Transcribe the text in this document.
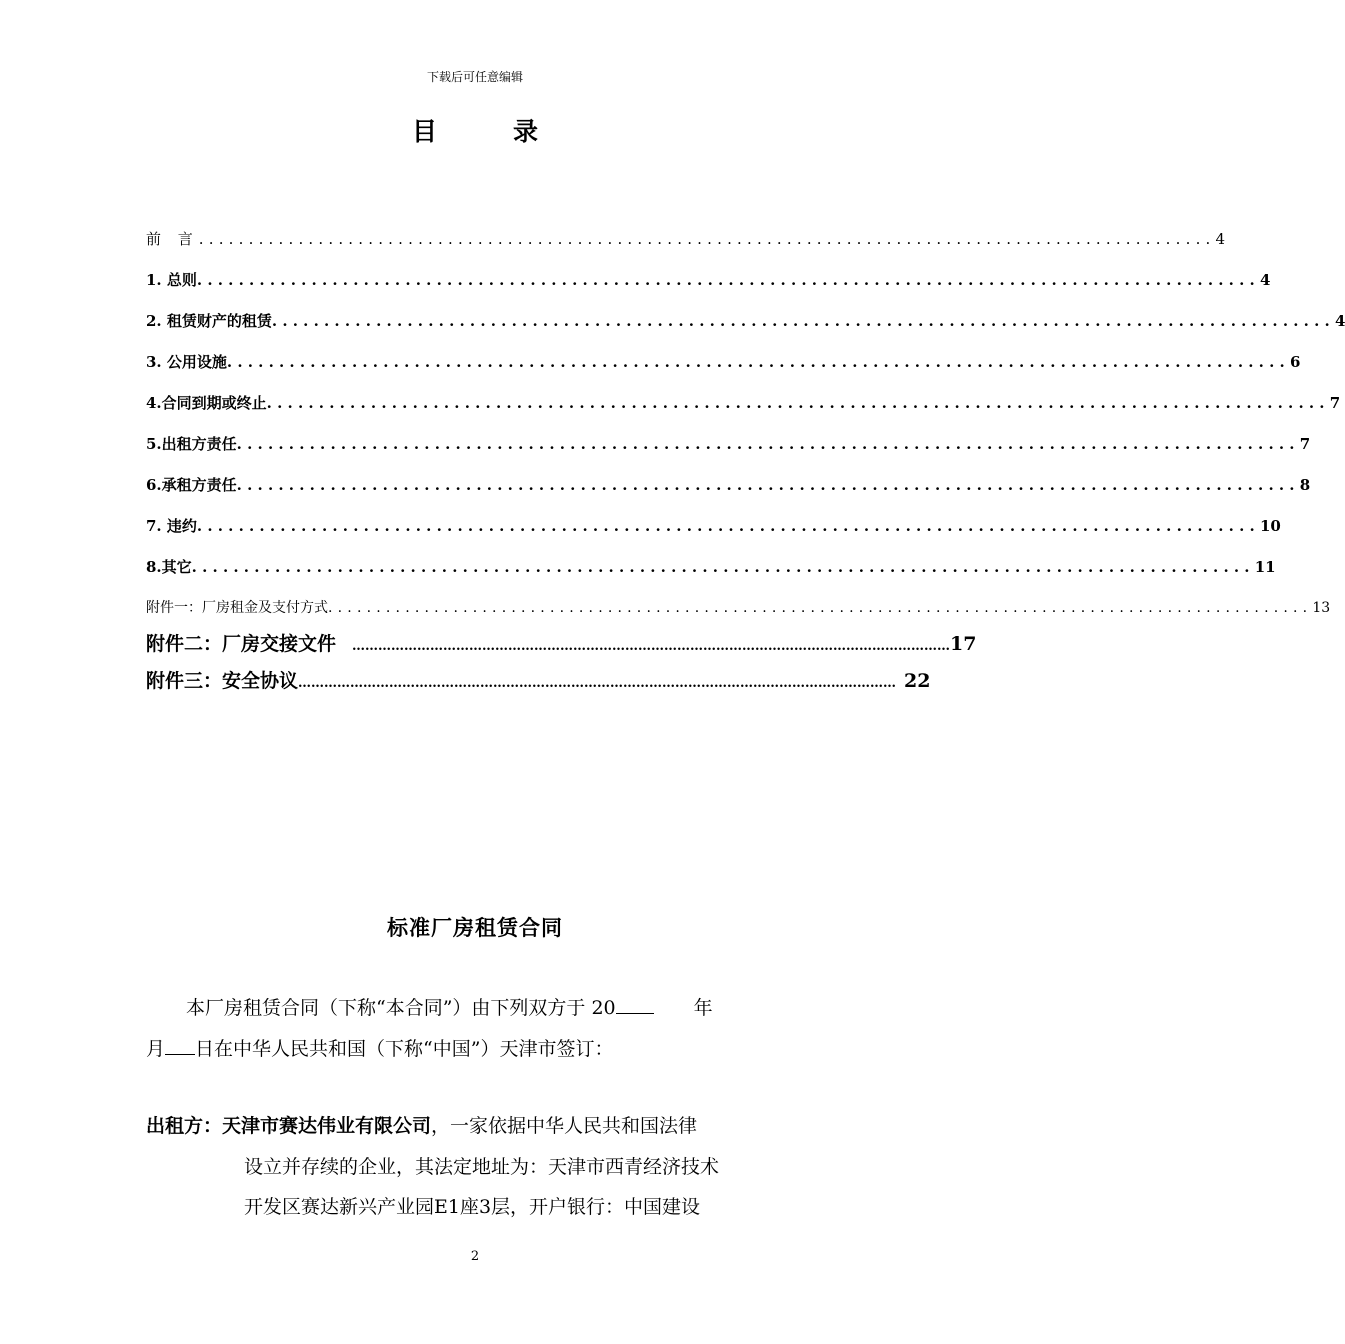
下载后可任意编辑
目录
前 言 ...................................................................................................... 4
1. 总则 ...................................................................................................... 4
2. 租赁财产的租赁 ...................................................................................................... 4
3. 公用设施 ...................................................................................................... 6
4.合同到期或终止 ...................................................................................................... 7
5.出租方责任 ...................................................................................................... 7
6.承租方责任 ...................................................................................................... 8
7. 违约 ...................................................................................................... 10
8.其它 ...................................................................................................... 11
附件一：厂房租金及支付方式 ...................................................................................................... 13
附件二：厂房交接文件	………………………………………………………………………………………………………………………… 17
附件三：安全协议 ………………………………………………………………………………………………………………………… 22
标准厂房租赁合同
本厂房租赁合同（下称“本合同”）由下列双方于 20	年
月 日在中华人民共和国（下称“中国”）天津市签订：
出租方：天津市赛达伟业有限公司，一家依据中华人民共和国法律
设立并存续的企业，其法定地址为：天津市西青经济技术
开发区赛达新兴产业园E1座3层，开户银行：中国建设
2
